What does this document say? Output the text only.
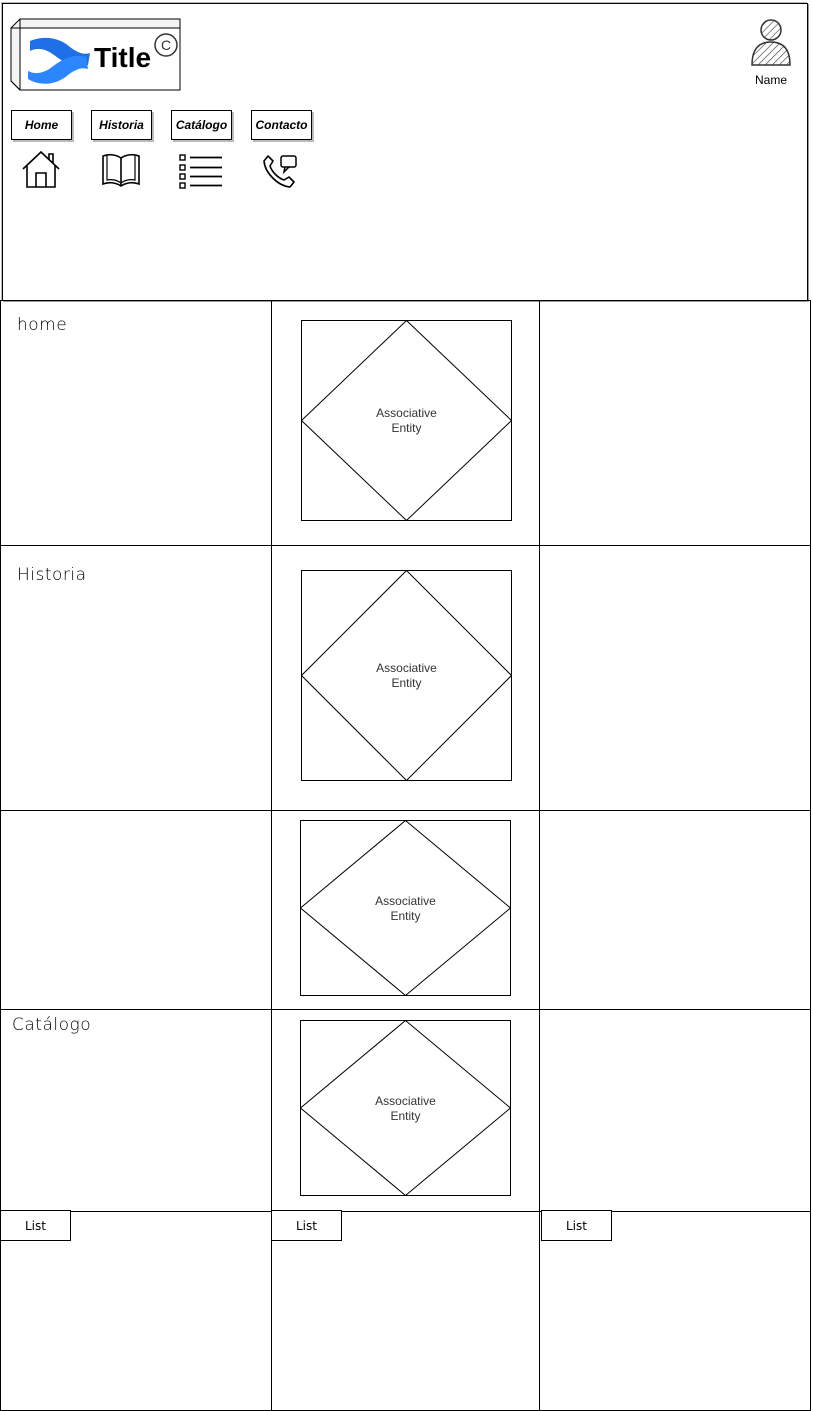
Title C
Name
Home	Historia	Catálogo	Contacto
home
Historia
Catálogo
Associative
Entity
Associative
Entity
Associative
Entity
Associative
Entity
List	List	List
